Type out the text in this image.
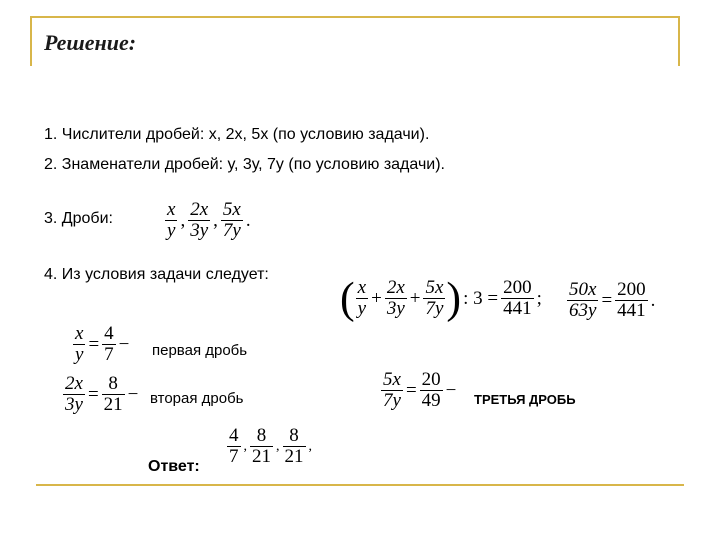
Решение:
1. Числители дробей: х, 2х, 5х (по условию задачи).
2. Знаменатели дробей: у, 3у, 7у (по условию задачи).
3. Дроби:	$\frac{x}{y}$ , $\frac{2x}{3y}$ , $\frac{5x}{7y}$ .
4. Из условия задачи следует: ( $\frac{x}{y} + \frac{2x}{3y} + \frac{5x}{7y}$ ) : $3 = \frac{200}{441}$ ; $\frac{50x}{63y} = \frac{200}{441}$ .
$\frac{x}{y} = \frac{4}{7}$ − первая дробь
$\frac{2x}{3y} = \frac{8}{21}$ − вторая дробь	$\frac{5x}{7y} = \frac{20}{49}$ − ТРЕТЬЯ ДРОБЬ
Ответ: $\frac{4}{7}$ , $\frac{8}{21}$ , $\frac{8}{21}$ ,
